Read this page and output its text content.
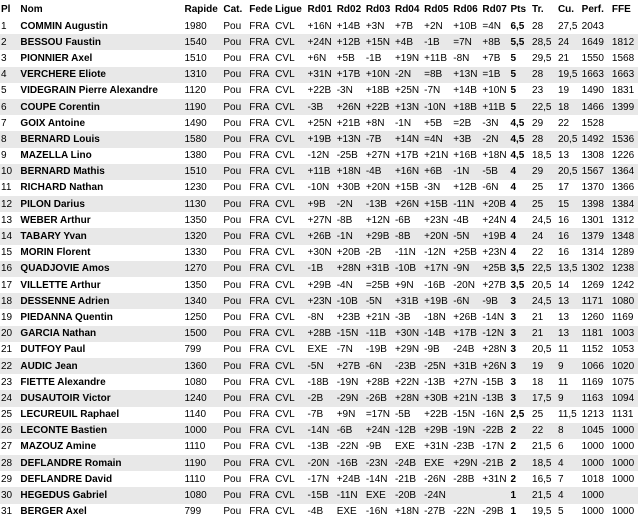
Pl	Nom	Rapide	Cat.	Fede	Ligue	Rd01	Rd02	Rd03	Rd04	Rd05	Rd06	Rd07	Pts	Tr.	Cu.	Perf.	FFE
1	COMMIN Augustin	1980	Pou	FRA	CVL	+16N	+14B	+3N	+7B	+2N	+10B	=4N	6,5	28	27,5	2043	
2	BESSOU Faustin	1540	Pou	FRA	CVL	+24N	+12B	+15N	+4B	-1B	=7N	+8B	5,5	28,5	24	1649	1812
3	PIONNIER Axel	1510	Pou	FRA	CVL	+6N	+5B	-1B	+19N	+11B	-8N	+7B	5	29,5	21	1550	1568
4	VERCHERE Eliote	1310	Pou	FRA	CVL	+31N	+17B	+10N	-2N	=8B	+13N	=1B	5	28	19,5	1663	1663
5	VIDEGRAIN Pierre Alexandre	1120	Pou	FRA	CVL	+22B	-3N	+18B	+25N	-7N	+14B	+10N	5	23	19	1490	1831
6	COUPE Corentin	1190	Pou	FRA	CVL	-3B	+26N	+22B	+13N	-10N	+18B	+11B	5	22,5	18	1466	1399
7	GOIX Antoine	1490	Pou	FRA	CVL	+25N	+21B	+8N	-1N	+5B	=2B	-3N	4,5	29	22	1528	
8	BERNARD Louis	1580	Pou	FRA	CVL	+19B	+13N	-7B	+14N	=4N	+3B	-2N	4,5	28	20,5	1492	1536
9	MAZELLA Lino	1380	Pou	FRA	CVL	-12N	-25B	+27N	+17B	+21N	+16B	+18N	4,5	18,5	13	1308	1226
10	BERNARD Mathis	1510	Pou	FRA	CVL	+11B	+18N	-4B	+16N	+6B	-1N	-5B	4	29	20,5	1567	1364
11	RICHARD Nathan	1230	Pou	FRA	CVL	-10N	+30B	+20N	+15B	-3N	+12B	-6N	4	25	17	1370	1366
12	PILON Darius	1130	Pou	FRA	CVL	+9B	-2N	-13B	+26N	+15B	-11N	+20B	4	25	15	1398	1384
13	WEBER Arthur	1350	Pou	FRA	CVL	+27N	-8B	+12N	-6B	+23N	-4B	+24N	4	24,5	16	1301	1312
14	TABARY Yvan	1320	Pou	FRA	CVL	+26B	-1N	+29B	-8B	+20N	-5N	+19B	4	24	16	1379	1348
15	MORIN Florent	1330	Pou	FRA	CVL	+30N	+20B	-2B	-11N	-12N	+25B	+23N	4	22	16	1314	1289
16	QUADJOVIE Amos	1270	Pou	FRA	CVL	-1B	+28N	+31B	-10B	+17N	-9N	+25B	3,5	22,5	13,5	1302	1238
17	VILLETTE Arthur	1350	Pou	FRA	CVL	+29B	-4N	=25B	+9N	-16B	-20N	+27B	3,5	20,5	14	1269	1242
18	DESSENNE Adrien	1340	Pou	FRA	CVL	+23N	-10B	-5N	+31B	+19B	-6N	-9B	3	24,5	13	1171	1080
19	PIEDANNA Quentin	1250	Pou	FRA	CVL	-8N	+23B	+21N	-3B	-18N	+26B	-14N	3	21	13	1260	1169
20	GARCIA Nathan	1500	Pou	FRA	CVL	+28B	-15N	-11B	+30N	-14B	+17B	-12N	3	21	13	1181	1003
21	DUTFOY Paul	799	Pou	FRA	CVL	EXE	-7N	-19B	+29N	-9B	-24B	+28N	3	20,5	11	1152	1053
22	AUDIC Jean	1360	Pou	FRA	CVL	-5N	+27B	-6N	-23B	-25N	+31B	+26N	3	19	9	1066	1020
23	FIETTE Alexandre	1080	Pou	FRA	CVL	-18B	-19N	+28B	+22N	-13B	+27N	-15B	3	18	11	1169	1075
24	DUSAUTOIR Victor	1240	Pou	FRA	CVL	-2B	-29N	-26B	+28N	+30B	+21N	-13B	3	17,5	9	1163	1094
25	LECUREUIL Raphael	1140	Pou	FRA	CVL	-7B	+9N	=17N	-5B	+22B	-15N	-16N	2,5	25	11,5	1213	1131
26	LECONTE Bastien	1000	Pou	FRA	CVL	-14N	-6B	+24N	-12B	+29B	-19N	-22B	2	22	8	1045	1000
27	MAZOUZ Amine	1110	Pou	FRA	CVL	-13B	-22N	-9B	EXE	+31N	-23B	-17N	2	21,5	6	1000	1000
28	DEFLANDRE Romain	1190	Pou	FRA	CVL	-20N	-16B	-23N	-24B	EXE	+29N	-21B	2	18,5	4	1000	1000
29	DEFLANDRE David	1110	Pou	FRA	CVL	-17N	+24B	-14N	-21B	-26N	-28B	+31N	2	16,5	7	1018	1000
30	HEGEDUS Gabriel	1080	Pou	FRA	CVL	-15B	-11N	EXE	-20B	-24N			1	21,5	4	1000	
31	BERGER Axel	799	Pou	FRA	CVL	-4B	EXE	-16N	+18N	-27B	-22N	-29B	1	19,5	5	1000	1000
